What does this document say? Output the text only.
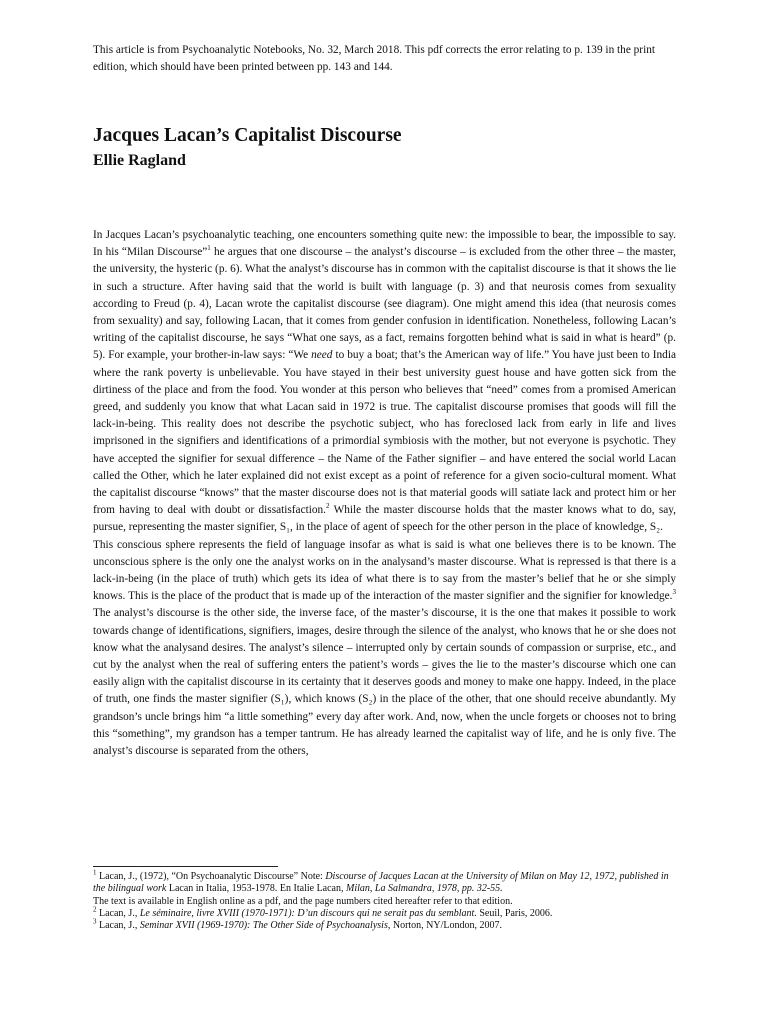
This article is from Psychoanalytic Notebooks, No. 32, March 2018. This pdf corrects the error relating to p. 139 in the print edition, which should have been printed between pp. 143 and 144.
Jacques Lacan’s Capitalist Discourse
Ellie Ragland

In Jacques Lacan’s psychoanalytic teaching, one encounters something quite new: the impossible to bear, the impossible to say. In his “Milan Discourse”$^1$ he argues that one discourse – the analyst’s discourse – is excluded from the other three – the master, the university, the hysteric (p. 6). What the analyst’s discourse has in common with the capitalist discourse is that it shows the lie in such a structure. After having said that the world is built with language (p. 3) and that neurosis comes from sexuality according to Freud (p. 4), Lacan wrote the capitalist discourse (see diagram). One might amend this idea (that neurosis comes from sexuality) and say, following Lacan, that it comes from gender confusion in identification. Nonetheless, following Lacan’s writing of the capitalist discourse, he says “What one says, as a fact, remains forgotten behind what is said in what is heard” (p. 5). For example, your brother-in-law says: “We need to buy a boat; that’s the American way of life.” You have just been to India where the rank poverty is unbelievable. You have stayed in their best university guest house and have gotten sick from the dirtiness of the place and from the food. You wonder at this person who believes that “need” comes from a promised American greed, and suddenly you know that what Lacan said in 1972 is true. The capitalist discourse promises that goods will fill the lack-in-being. This reality does not describe the psychotic subject, who has foreclosed lack from early in life and lives imprisoned in the signifiers and identifications of a primordial symbiosis with the mother, but not everyone is psychotic. They have accepted the signifier for sexual difference – the Name of the Father signifier – and have entered the social world Lacan called the Other, which he later explained did not exist except as a point of reference for a given socio-cultural moment. What the capitalist discourse “knows” that the master discourse does not is that material goods will satiate lack and protect him or her from having to deal with doubt or dissatisfaction.$^2$ While the master discourse holds that the master knows what to do, say, pursue, representing the master signifier, S₁, in the place of agent of speech for the other person in the place of knowledge, S₂.

This conscious sphere represents the field of language insofar as what is said is what one believes there is to be known. The unconscious sphere is the only one the analyst works on in the analysand’s master discourse. What is repressed is that there is a lack-in-being (in the place of truth) which gets its idea of what there is to say from the master’s belief that he or she simply knows. This is the place of the product that is made up of the interaction of the master signifier and the signifier for knowledge.$^3$ The analyst’s discourse is the other side, the inverse face, of the master’s discourse, it is the one that makes it possible to work towards change of identifications, signifiers, images, desire through the silence of the analyst, who knows that he or she does not know what the analysand desires. The analyst’s silence – interrupted only by certain sounds of compassion or surprise, etc., and cut by the analyst when the real of suffering enters the patient’s words – gives the lie to the master’s discourse which one can easily align with the capitalist discourse in its certainty that it deserves goods and money to make one happy. Indeed, in the place of truth, one finds the master signifier (S₁), which knows (S₂) in the place of the other, that one should receive abundantly. My grandson’s uncle brings him “a little something” every day after work. And, now, when the uncle forgets or chooses not to bring this “something”, my grandson has a temper tantrum. He has already learned the capitalist way of life, and he is only five. The analyst’s discourse is separated from the others,

$^1$ Lacan, J., (1972), “On Psychoanalytic Discourse” Note: Discourse of Jacques Lacan at the University of Milan on May 12, 1972, published in the bilingual work Lacan in Italia, 1953-1978. En Italie Lacan, Milan, La Salmandra, 1978, pp. 32-55.
The text is available in English online as a pdf, and the page numbers cited hereafter refer to that edition.

$^2$ Lacan, J., Le séminaire, livre XVIII (1970-1971): D’un discours qui ne serait pas du semblant. Seuil, Paris, 2006.

$^3$ Lacan, J., Seminar XVII (1969-1970): The Other Side of Psychoanalysis, Norton, NY/London, 2007.
